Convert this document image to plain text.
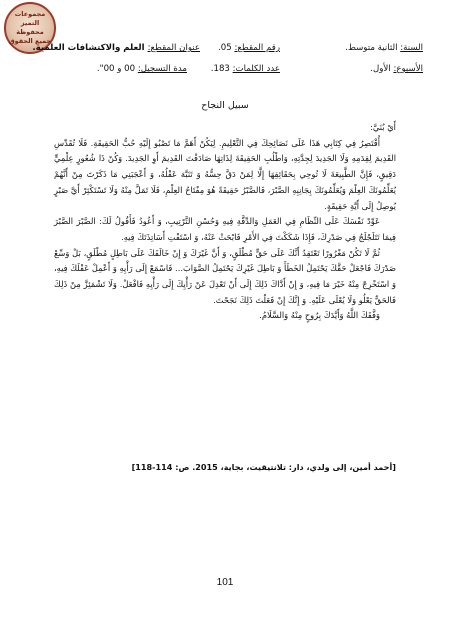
مجموعات
التميز
محفوظة
جميع الحقوق
السنة: الثانية متوسط.
رقم المقطع: 05.
عنوان المقطع: العلم والاكتشافات العلمية.
الأسبوع: الأول.
عدد الكلمات: 183.
مدة التسجيل: 00 و 00".
سبيل النجاح

أَيْ بُنَيَّ:

أُقْتَصِرُ فِي كِتَابِي هَذَا عَلَى نَصَائِحِكَ فِي التَّعْلِيمِ. لِيَكُنْ أَهَمَّ مَا تَصْبُو إِلَيْهِ حُبُّ الحَقِيقَةِ. فَلَا تُقَدِّسِ القَدِيمَ لِقِدَمِهِ وَلَا الجَدِيدَ لِجِدَّتِهِ، وَاطْلُبِ الحَقِيقَةَ لِذَاتِهَا صَادَفْتَ القَدِيمَ أَوِ الجَدِيدَ. وَكُنْ ذَا شُعُورٍ عِلْمِيٍّ دَقِيقٍ، فَإِنَّ الطَّبِيعَةَ لَا تُوحِي بِحَقَائِقِهَا إِلَّا لِمَنْ دَقَّ حِسُّهُ وَ تَنَبَّهَ عَقْلُهُ، وَ أَعْجَبَنِي مَا ذَكَرْتَ مِنْ أَنَّهُمْ يُعَلِّمُونَكَ العِلْمَ وَيُعَلِّمُونَكَ بِجَانِبِهِ الصَّبْرَ، فَالصَّبْرُ حَقِيقَةً هُوَ مِفْتَاحُ العِلْمِ، فَلَا تَمَلَّ مِنْهُ وَلَا تَسْتَكْثِرْ أَيَّ صَبْرٍ يُوصِلُ إِلَى أَيَّةِ حَقِيقَةٍ.

عَوِّدْ نَفْسَكَ عَلَى النِّظَامِ فِي العَمَلِ وَالدِّقَّةِ فِيهِ وَحُسْنِ التَّرْتِيبِ، وَ أَعُودُ فَأَقُولُ لَكَ: الصَّبْرَ الصَّبْرَ فِيمَا تَتَلَجْلَجُ فِي صَدْرِكَ، فَإِذَا شَكَكْتَ فِي الأَمْرِ فَابْحَثْ عَنْهُ، وَ اسْتَفْتِ أَسَاتِذَتَكَ فِيهِ.

ثُمَّ لَا تَكُنْ مَغْرُورًا تَعْتَقِدُ أَنَّكَ عَلَى حَقٍّ مُطْلَقٍ، وَ أَنَّ غَيْرَكَ وَ إِنْ خَالَفَكَ عَلَى بَاطِلٍ مُطْلَقٍ، بَلْ وَسِّعْ صَدْرَكَ فَاجْعَلْ حَقَّكَ يَحْتَمِلُ الخَطَأَ وَ بَاطِلَ غَيْرِكَ يَحْتَمِلُ الصَّوَابَ... فَاسْمَعْ إِلَى رَأْيِهِ وَ أَعْمِلْ عَقْلَكَ فِيهِ، وَ اسْتَخْرِجْ مِنْهُ خَيْرَ مَا فِيهِ، وَ إِنْ أَدَّاكَ ذَلِكَ إِلَى أَنْ تَعْدِلَ عَنْ رَأْيِكَ إِلَى رَأْيِهِ فَافْعَلْ. وَلَا تَشْمَئِزَّ مِنْ ذَلِكَ فَالحَقُّ يَعْلُو وَلَا يُعْلَى عَلَيْهِ. وَ إِنَّكَ إِنْ فَعَلْتَ ذَلِكَ نَجَحْتَ.

وَفَّقَكَ اللَّهُ وَأَيَّدَكَ بِرُوحٍ مِنْهُ وَالسَّلَامُ.

[أحمد أمين، إلى ولدي، دار: تلانتيقيت، بجاية، 2015. ص: 114-118]
101
